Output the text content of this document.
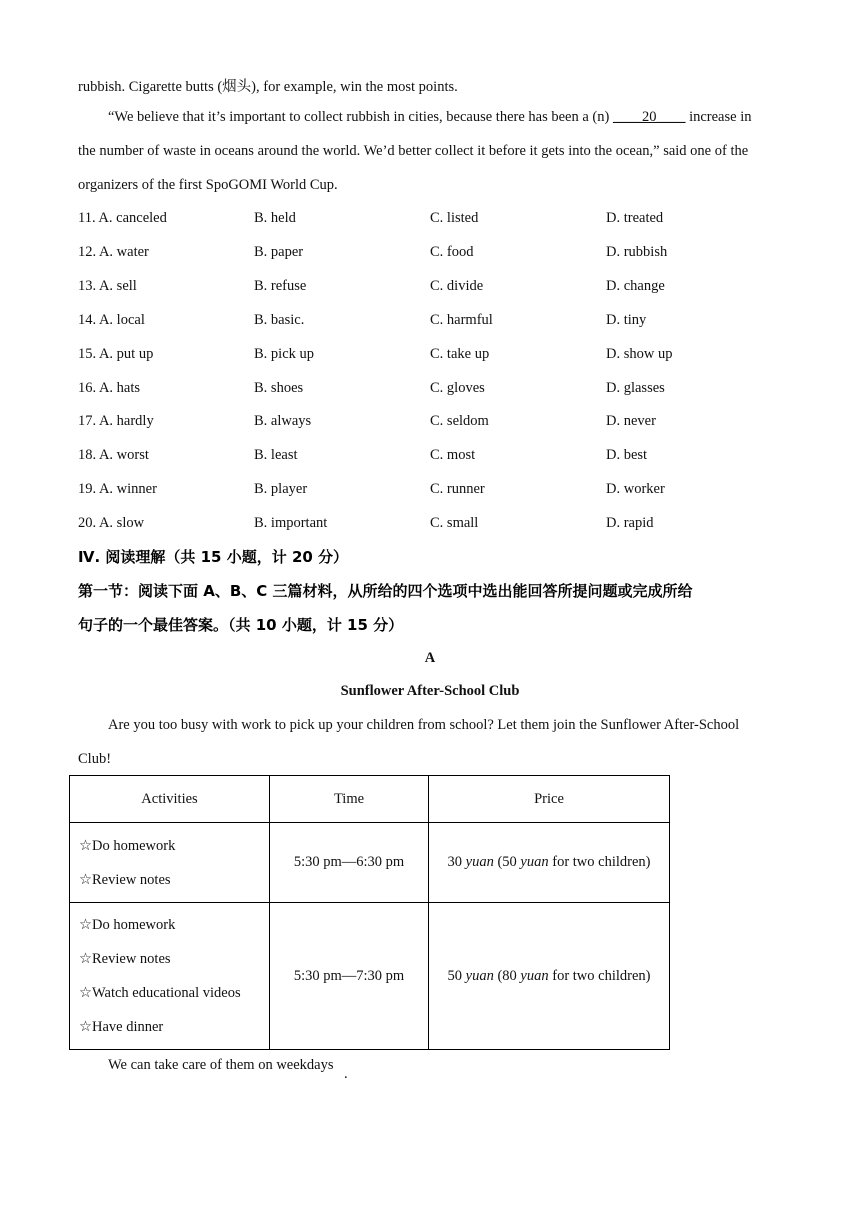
rubbish. Cigarette butts (烟头), for example, win the most points.
“We believe that it’s important to collect rubbish in cities, because there has been a (n) ____20____ increase in
the number of waste in oceans around the world. We’d better collect it before it gets into the ocean,” said one of the
organizers of the first SpoGOMI World Cup.
11. A. canceled	B. held	C. listed	D. treated
12. A. water	B. paper	C. food	D. rubbish
13. A. sell	B. refuse	C. divide	D. change
14. A. local	B. basic.	C. harmful	D. tiny
15. A. put up	B. pick up	C. take up	D. show up
16. A. hats	B. shoes	C. gloves	D. glasses
17. A. hardly	B. always	C. seldom	D. never
18. A. worst	B. least	C. most	D. best
19. A. winner	B. player	C. runner	D. worker
20. A. slow	B. important	C. small	D. rapid
Ⅳ. 阅读理解（共 15 小题，计 20 分）
第一节：阅读下面 A、B、C 三篇材料，从所给的四个选项中选出能回答所提问题或完成所给
句子的一个最佳答案。（共 10 小题，计 15 分）
A
Sunflower After-School Club
Are you too busy with work to pick up your children from school? Let them join the Sunflower After-School
Club!
Activities	Time	Price

☆Do homework
☆Review notes	5:30 pm—6:30 pm	30 yuan (50 yuan for two children)

☆Do homework
☆Review notes
☆Watch educational videos
☆Have dinner	5:30 pm—7:30 pm	50 yuan (80 yuan for two children)
We can take care of them on weekdays
.
